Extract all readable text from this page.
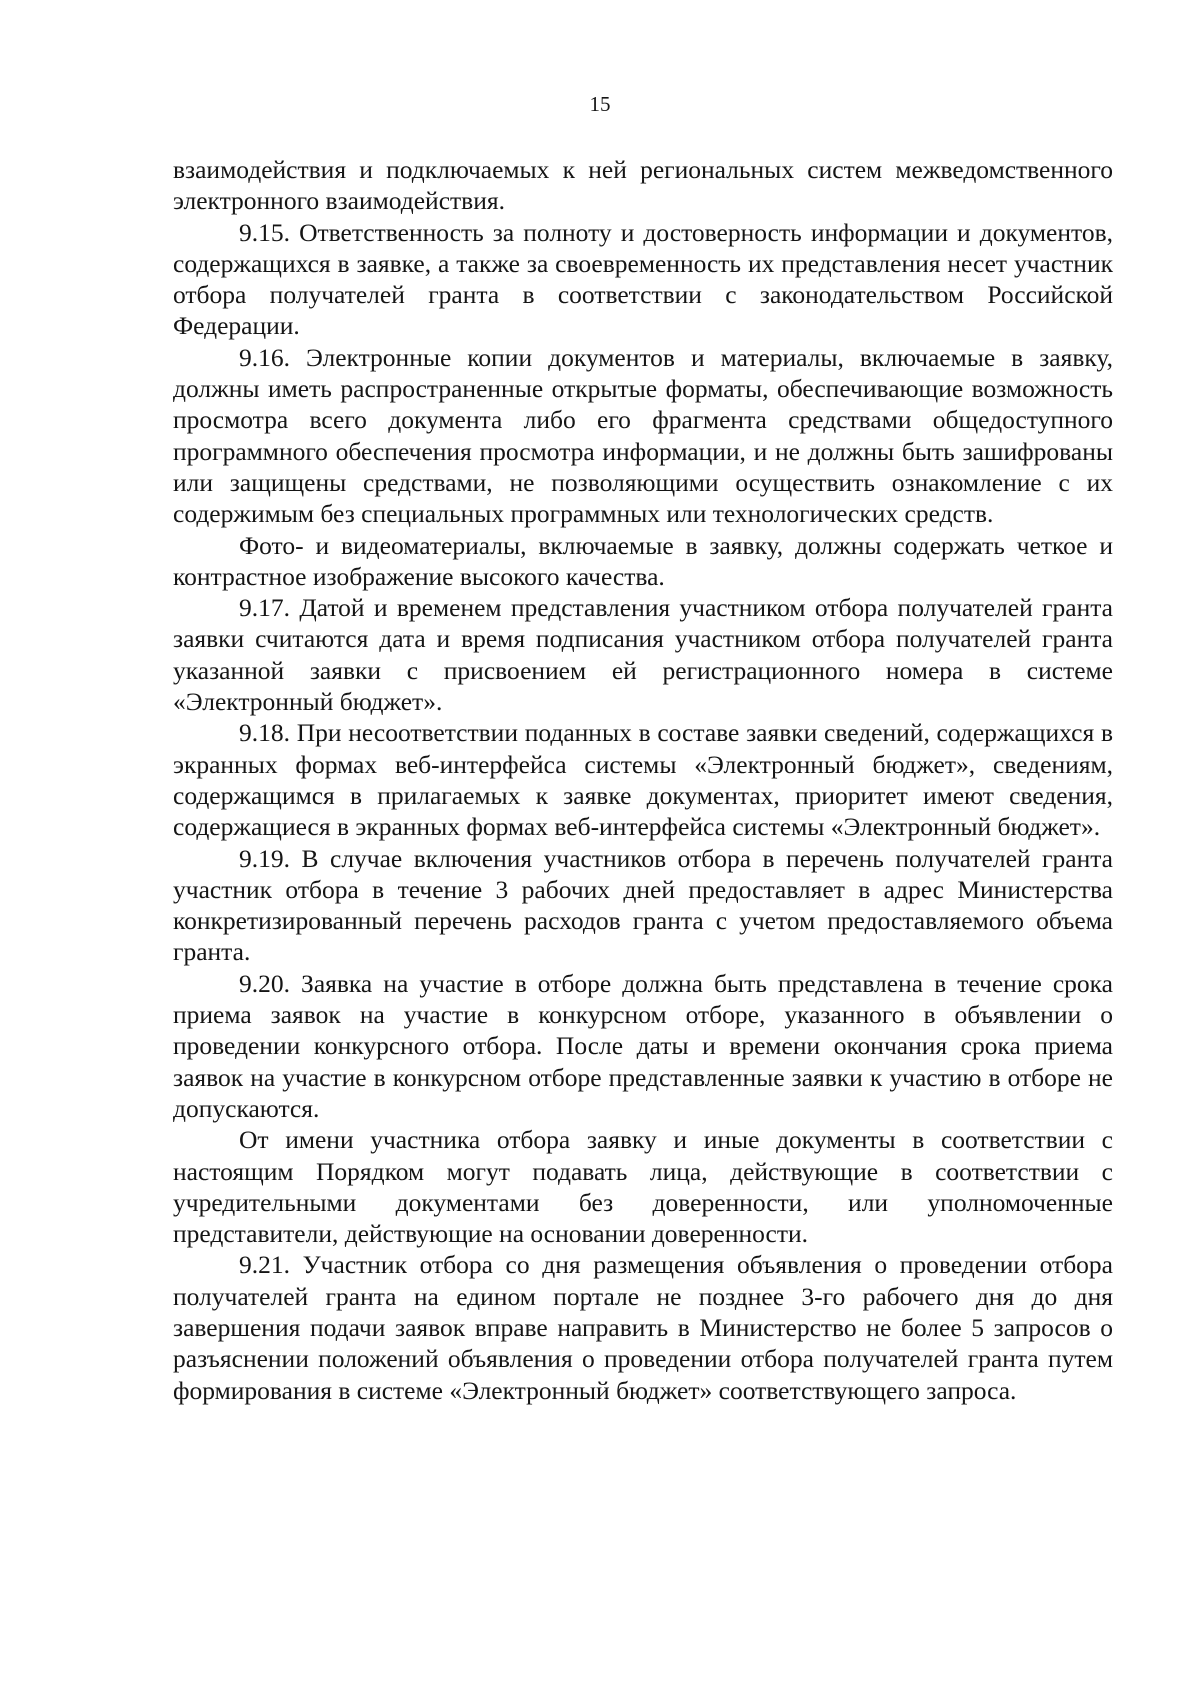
15

взаимодействия и подключаемых к ней региональных систем межведомственного электронного взаимодействия.

9.15. Ответственность за полноту и достоверность информации и документов, содержащихся в заявке, а также за своевременность их представления несет участник отбора получателей гранта в соответствии с законодательством Российской Федерации.

9.16. Электронные копии документов и материалы, включаемые в заявку, должны иметь распространенные открытые форматы, обеспечивающие возможность просмотра всего документа либо его фрагмента средствами общедоступного программного обеспечения просмотра информации, и не должны быть зашифрованы или защищены средствами, не позволяющими осуществить ознакомление с их содержимым без специальных программных или технологических средств.

Фото- и видеоматериалы, включаемые в заявку, должны содержать четкое и контрастное изображение высокого качества.

9.17. Датой и временем представления участником отбора получателей гранта заявки считаются дата и время подписания участником отбора получателей гранта указанной заявки с присвоением ей регистрационного номера в системе «Электронный бюджет».

9.18. При несоответствии поданных в составе заявки сведений, содержащихся в экранных формах веб-интерфейса системы «Электронный бюджет», сведениям, содержащимся в прилагаемых к заявке документах, приоритет имеют сведения, содержащиеся в экранных формах веб-интерфейса системы «Электронный бюджет».

9.19. В случае включения участников отбора в перечень получателей гранта участник отбора в течение 3 рабочих дней предоставляет в адрес Министерства конкретизированный перечень расходов гранта с учетом предоставляемого объема гранта.

9.20. Заявка на участие в отборе должна быть представлена в течение срока приема заявок на участие в конкурсном отборе, указанного в объявлении о проведении конкурсного отбора. После даты и времени окончания срока приема заявок на участие в конкурсном отборе представленные заявки к участию в отборе не допускаются.

От имени участника отбора заявку и иные документы в соответствии с настоящим Порядком могут подавать лица, действующие в соответствии с учредительными документами без доверенности, или уполномоченные представители, действующие на основании доверенности.

9.21. Участник отбора со дня размещения объявления о проведении отбора получателей гранта на едином портале не позднее 3-го рабочего дня до дня завершения подачи заявок вправе направить в Министерство не более 5 запросов о разъяснении положений объявления о проведении отбора получателей гранта путем формирования в системе «Электронный бюджет» соответствующего запроса.
